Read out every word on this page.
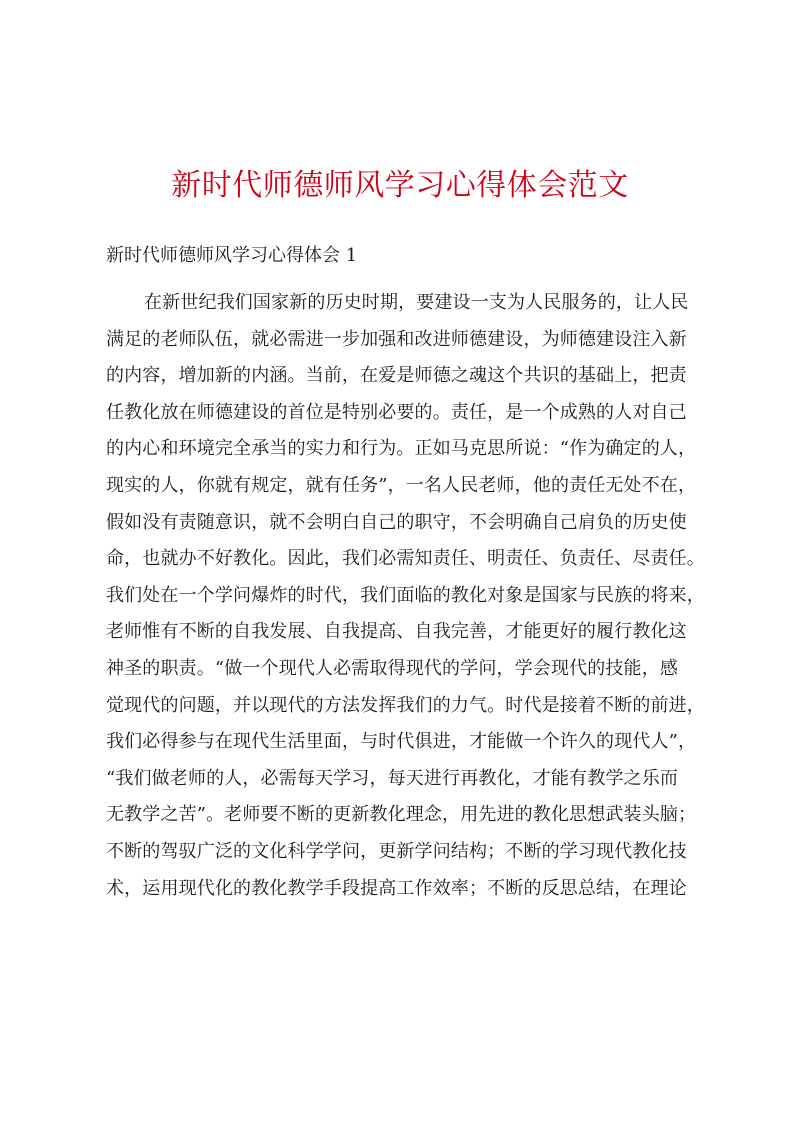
新时代师德师风学习心得体会范文
新时代师德师风学习心得体会 1
在新世纪我们国家新的历史时期，要建设一支为人民服务的，让人民
满足的老师队伍，就必需进一步加强和改进师德建设，为师德建设注入新
的内容，增加新的内涵。当前，在爱是师德之魂这个共识的基础上，把责
任教化放在师德建设的首位是特别必要的。责任，是一个成熟的人对自己
的内心和环境完全承当的实力和行为。正如马克思所说：“作为确定的人，
现实的人，你就有规定，就有任务”，一名人民老师，他的责任无处不在，
假如没有责随意识，就不会明白自己的职守，不会明确自己肩负的历史使
命，也就办不好教化。因此，我们必需知责任、明责任、负责任、尽责任。
我们处在一个学问爆炸的时代，我们面临的教化对象是国家与民族的将来，
老师惟有不断的自我发展、自我提高、自我完善，才能更好的履行教化这
神圣的职责。“做一个现代人必需取得现代的学问，学会现代的技能，感
觉现代的问题，并以现代的方法发挥我们的力气。时代是接着不断的前进，
我们必得参与在现代生活里面，与时代俱进，才能做一个许久的现代人”，
“我们做老师的人，必需每天学习，每天进行再教化，才能有教学之乐而
无教学之苦”。老师要不断的更新教化理念，用先进的教化思想武装头脑；
不断的驾驭广泛的文化科学学问，更新学问结构；不断的学习现代教化技
术，运用现代化的教化教学手段提高工作效率；不断的反思总结，在理论
